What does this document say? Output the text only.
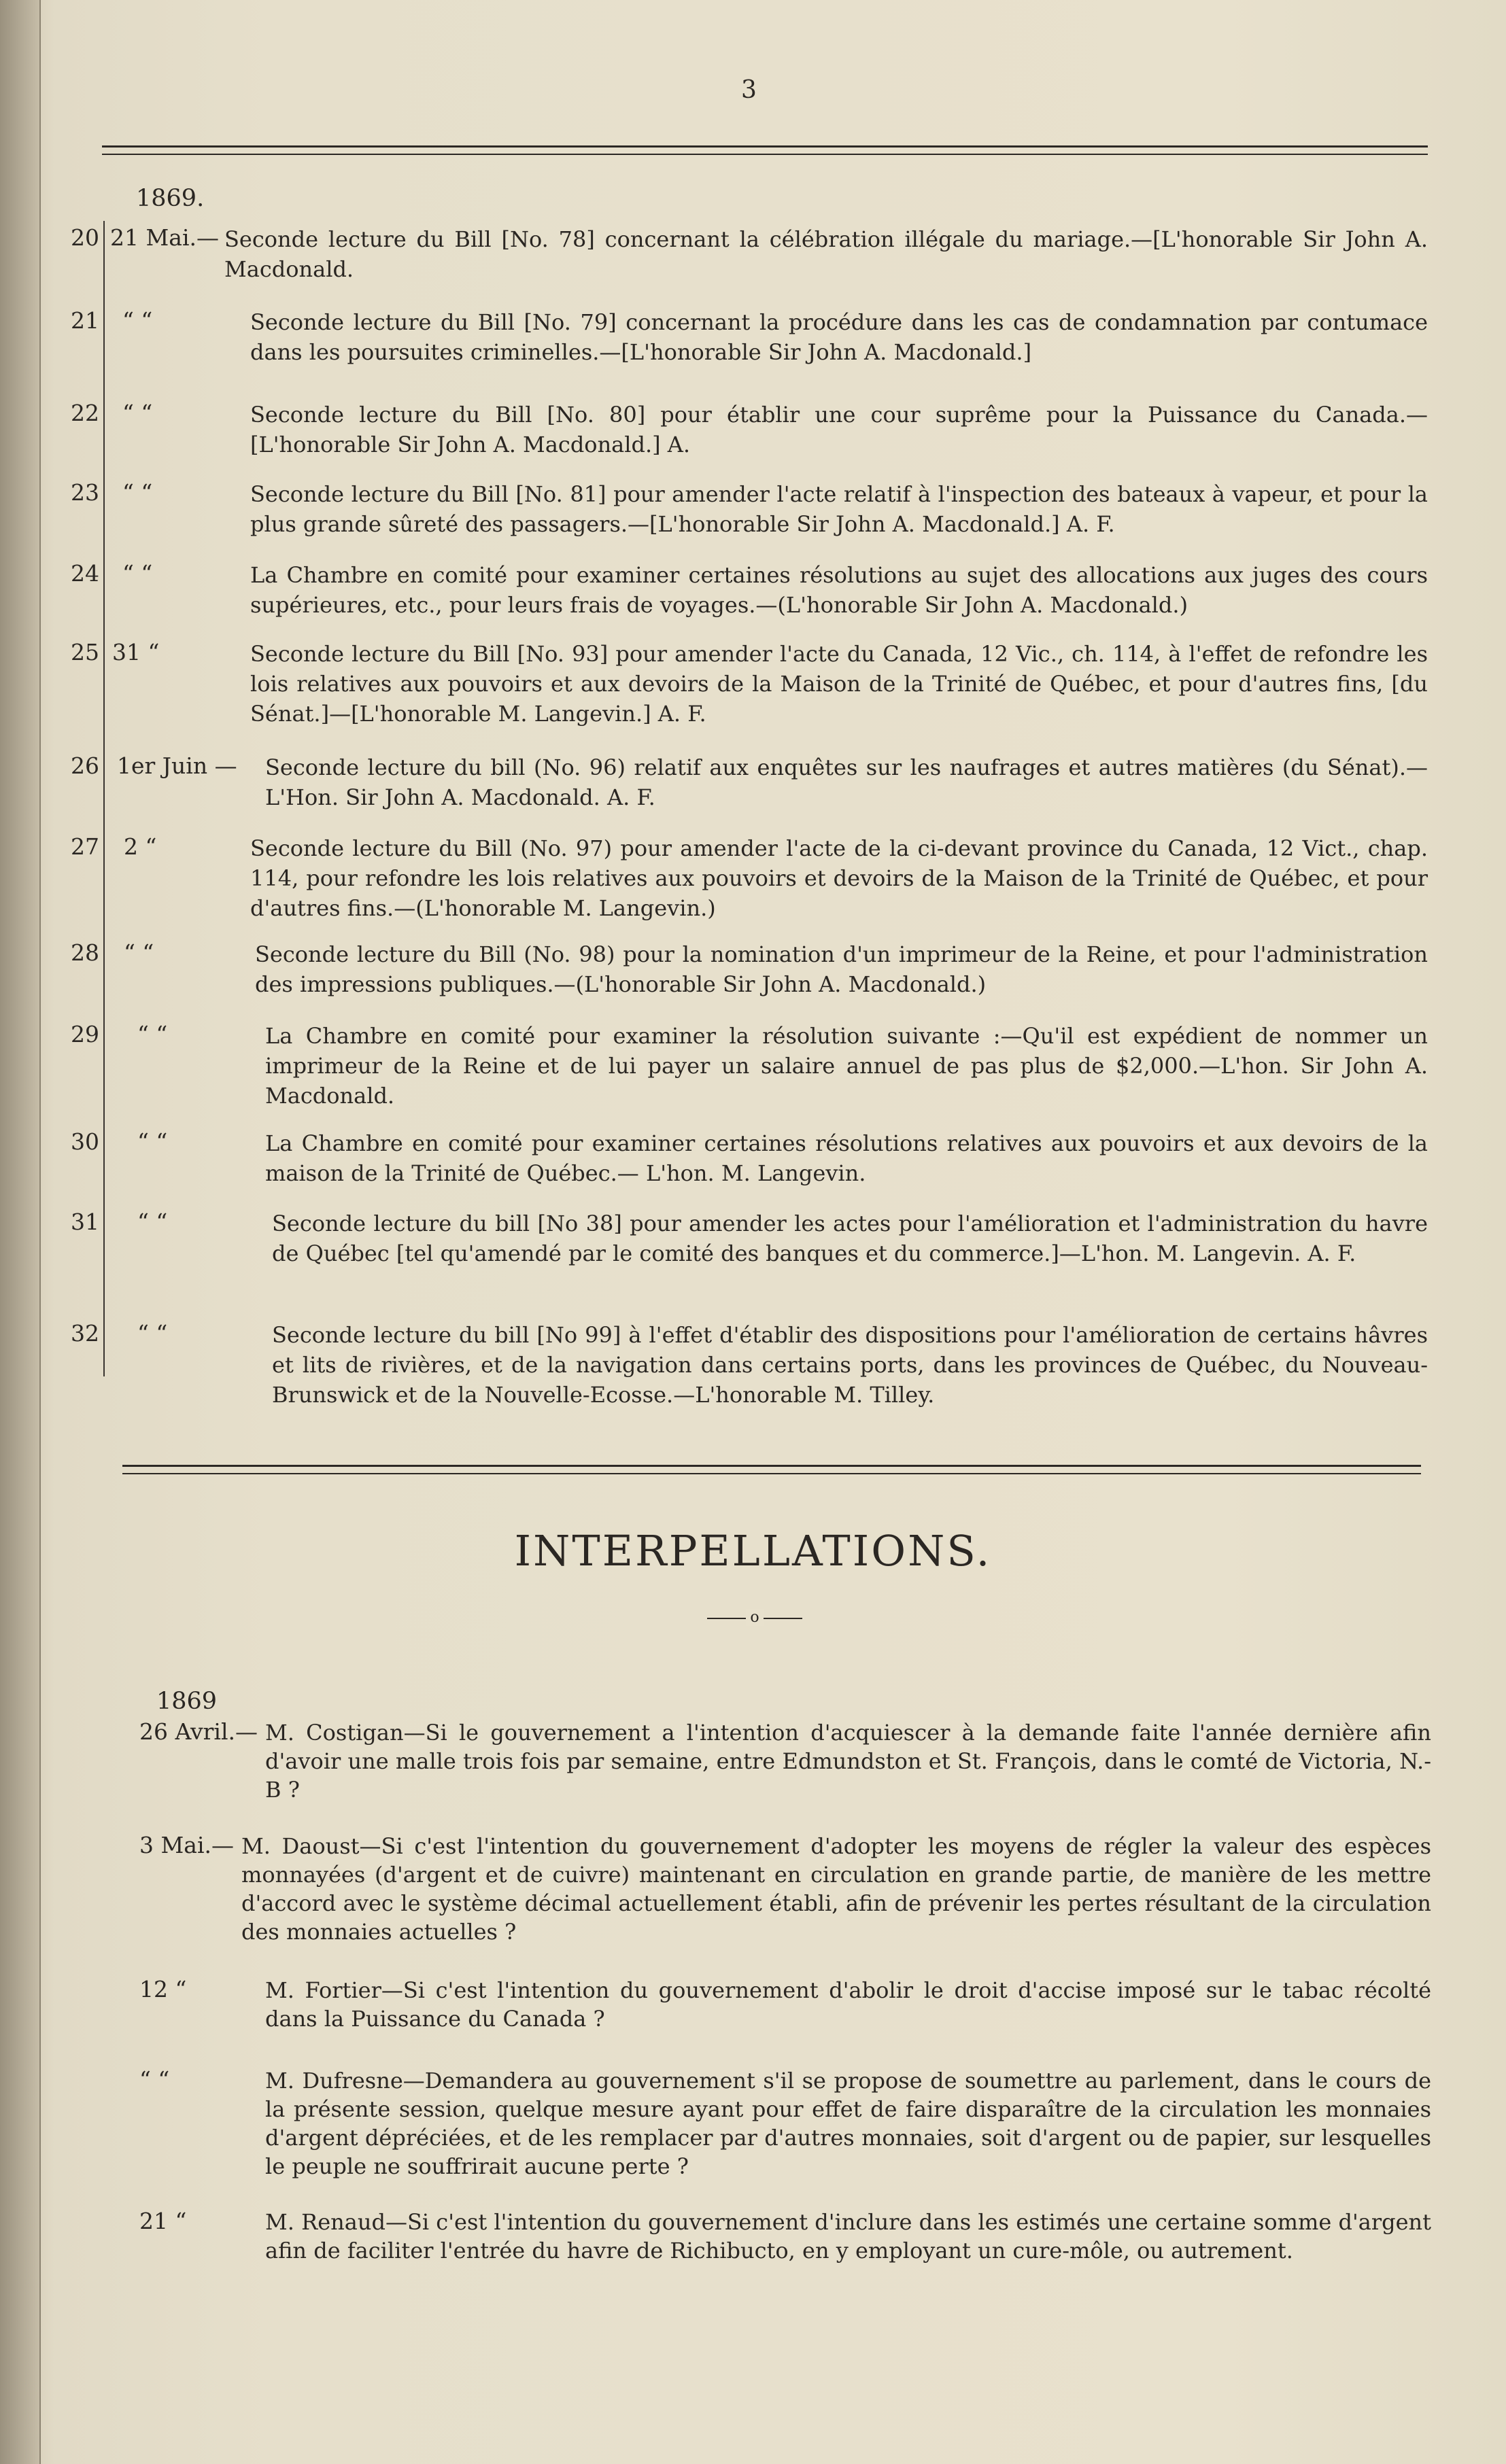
3
1869.
20 21 Mai.— Seconde lecture du Bill [No. 78] concernant la célébration illégale du mariage.—[L'honorable Sir John A. Macdonald.
21 “ “	Seconde lecture du Bill [No. 79] concernant la procédure dans les cas de condamnation par contumace dans les poursuites criminelles.—[L'honorable Sir John A. Macdonald.]
22 “ “	Seconde lecture du Bill [No. 80] pour établir une cour suprême pour la Puissance du Canada.—[L'honorable Sir John A. Macdonald.] A.
23 “ “	Seconde lecture du Bill [No. 81] pour amender l'acte relatif à l'inspection des bateaux à vapeur, et pour la plus grande sûreté des passagers.—[L'honorable Sir John A. Macdonald.] A. F.
24 “ “	La Chambre en comité pour examiner certaines résolutions au sujet des allocations aux juges des cours supérieures, etc., pour leurs frais de voyages.—(L'honorable Sir John A. Macdonald.)
25 31 “	Seconde lecture du Bill [No. 93] pour amender l'acte du Canada, 12 Vic., ch. 114, à l'effet de refondre les lois relatives aux pouvoirs et aux devoirs de la Maison de la Trinité de Québec, et pour d'autres fins, [du Sénat.]—[L'honorable M. Langevin.] A. F.
26 1er Juin — Seconde lecture du bill (No. 96) relatif aux enquêtes sur les naufrages et autres matières (du Sénat).—L'Hon. Sir John A. Macdonald. A. F.
27 2 “	Seconde lecture du Bill (No. 97) pour amender l'acte de la ci-devant province du Canada, 12 Vict., chap. 114, pour refondre les lois relatives aux pouvoirs et devoirs de la Maison de la Trinité de Québec, et pour d'autres fins.—(L'honorable M. Langevin.)
28 “ “	Seconde lecture du Bill (No. 98) pour la nomination d'un imprimeur de la Reine, et pour l'administration des impressions publiques.—(L'honorable Sir John A. Macdonald.)
29 “ “	La Chambre en comité pour examiner la résolution suivante :—Qu'il est expédient de nommer un imprimeur de la Reine et de lui payer un salaire annuel de pas plus de $2,000.—L'hon. Sir John A. Macdonald.
30 “ “	La Chambre en comité pour examiner certaines résolutions relatives aux pouvoirs et aux devoirs de la maison de la Trinité de Québec.— L'hon. M. Langevin.
31 “ “	Seconde lecture du bill [No 38] pour amender les actes pour l'amélioration et l'administration du havre de Québec [tel qu'amendé par le comité des banques et du commerce.]—L'hon. M. Langevin. A. F.
32 “ “	Seconde lecture du bill [No 99] à l'effet d'établir des dispositions pour l'amélioration de certains hâvres et lits de rivières, et de la navigation dans certains ports, dans les provinces de Québec, du Nouveau-Brunswick et de la Nouvelle-Ecosse.—L'honorable M. Tilley.
INTERPELLATIONS.
o
1869
26 Avril.— M. Costigan—Si le gouvernement a l'intention d'acquiescer à la demande faite l'année dernière afin d'avoir une malle trois fois par semaine, entre Edmundston et St. François, dans le comté de Victoria, N.-B ?
3 Mai.— M. Daoust—Si c'est l'intention du gouvernement d'adopter les moyens de régler la valeur des espèces monnayées (d'argent et de cuivre) maintenant en circulation en grande partie, de manière de les mettre d'accord avec le système décimal actuellement établi, afin de prévenir les pertes résultant de la circulation des monnaies actuelles ?
12 “	M. Fortier—Si c'est l'intention du gouvernement d'abolir le droit d'accise imposé sur le tabac récolté dans la Puissance du Canada ?
“ “	M. Dufresne—Demandera au gouvernement s'il se propose de soumettre au parlement, dans le cours de la présente session, quelque mesure ayant pour effet de faire disparaître de la circulation les monnaies d'argent dépréciées, et de les remplacer par d'autres monnaies, soit d'argent ou de papier, sur lesquelles le peuple ne souffrirait aucune perte ?
21 “	M. Renaud—Si c'est l'intention du gouvernement d'inclure dans les estimés une certaine somme d'argent afin de faciliter l'entrée du havre de Richibucto, en y employant un cure-môle, ou autrement.
